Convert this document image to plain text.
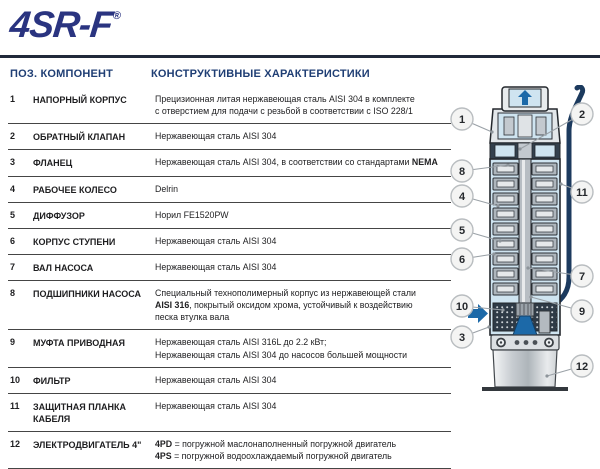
4SR-F®
ПОЗ. КОМПОНЕНТ	КОНСТРУКТИВНЫЕ ХАРАКТЕРИСТИКИ
1	НАПОРНЫЙ КОРПУС	Прецизионная литая нержавеющая сталь AISI 304 в комплекте
с отверстием для подачи с резьбой в соответствии с ISO 228/1
2	ОБРАТНЫЙ КЛАПАН	Нержавеющая сталь AISI 304
3	ФЛАНЕЦ	Нержавеющая сталь AISI 304, в соответствии со стандартами NEMA
4	РАБОЧЕЕ КОЛЕСО	Delrin
5	ДИФФУЗОР	Норил FE1520PW
6	КОРПУС СТУПЕНИ	Нержавеющая сталь AISI 304
7	ВАЛ НАСОСА	Нержавеющая сталь AISI 304
8	ПОДШИПНИКИ НАСОСА	Специальный технополимерный корпус из нержавеющей стали
AISI 316, покрытый оксидом хрома, устойчивый к воздействию
песка втулка вала
9	МУФТА ПРИВОДНАЯ	Нержавеющая сталь AISI 316L до 2.2 кВт;
Нержавеющая сталь AISI 304 до насосов большей мощности
10	ФИЛЬТР	Нержавеющая сталь AISI 304
11	ЗАЩИТНАЯ ПЛАНКА КАБЕЛЯ
Нержавеющая сталь AISI 304
12	ЭЛЕКТРОДВИГАТЕЛЬ 4"	4PD = погружной маслонаполненный погружной двигатель
4PS = погружной водоохлаждаемый погружной двигатель
1	2
8
4	11
5
6
7
10	9
3
12
